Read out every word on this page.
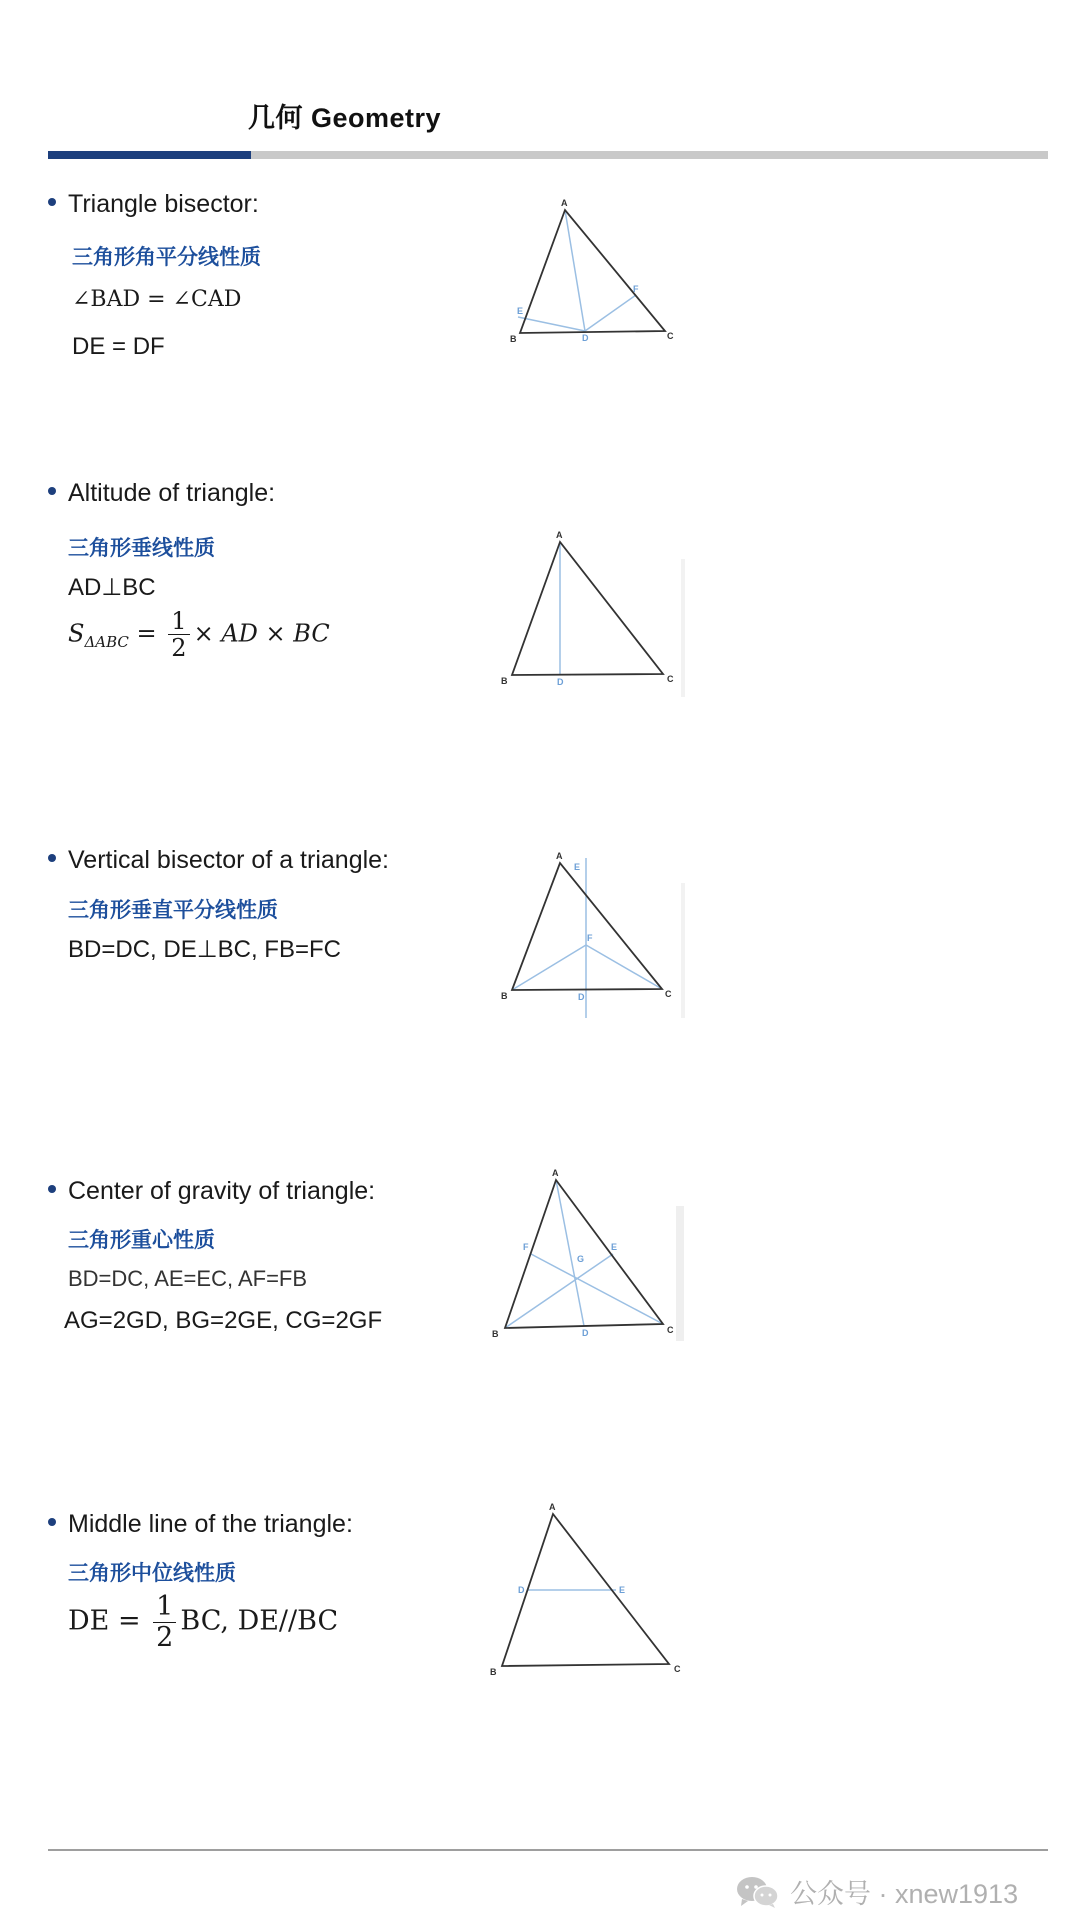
几何 Geometry
Triangle bisector:
三角形角平分线性质
∠BAD = ∠CAD
DE = DF
A
B	C
D
E
F
Altitude of triangle:
三角形垂线性质
AD⊥BC
$S_{\Delta ABC} = \frac{1}{2}$ × AD × BC
A
B	C
D
Vertical bisector of a triangle:
三角形垂直平分线性质
BD=DC, DE⊥BC, FB=FC
A
B	C
D
E
F
Center of gravity of triangle:
三角形重心性质
BD=DC, AE=EC, AF=FB
AG=2GD, BG=2GE, CG=2GF
A
B	C
D
E
F
G
Middle line of the triangle:
三角形中位线性质
DE = $\frac{1}{2}$ BC, DE//BC
A
B	C
D	E
公众号 · xnew1913
